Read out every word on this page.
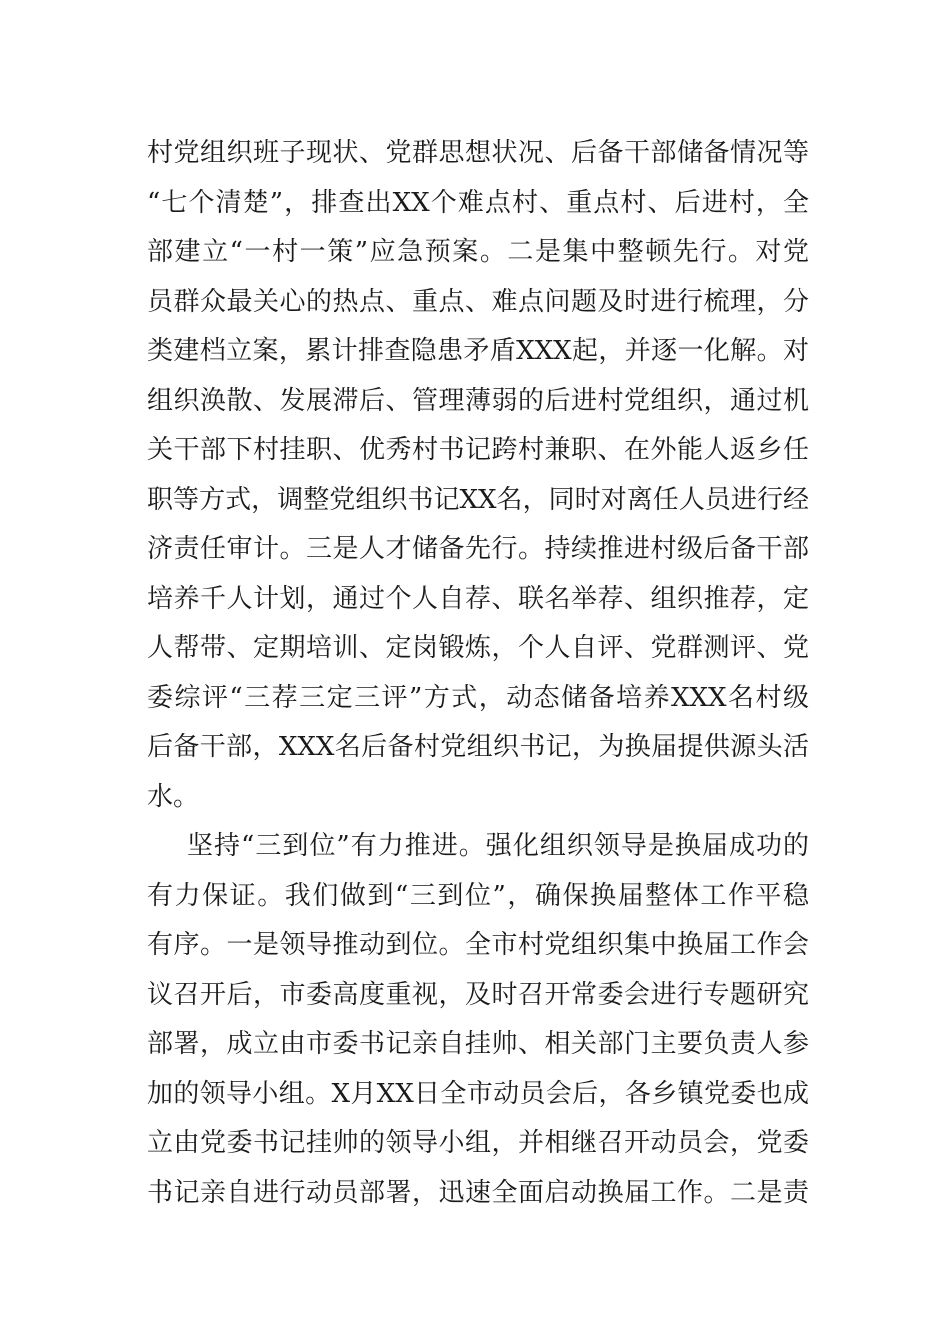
村党组织班子现状、党群思想状况、后备干部储备情况等
“七个清楚”，排查出XX个难点村、重点村、后进村，全
部建立“一村一策”应急预案。二是集中整顿先行。对党
员群众最关心的热点、重点、难点问题及时进行梳理，分
类建档立案，累计排查隐患矛盾XXX起，并逐一化解。对
组织涣散、发展滞后、管理薄弱的后进村党组织，通过机
关干部下村挂职、优秀村书记跨村兼职、在外能人返乡任
职等方式，调整党组织书记XX名，同时对离任人员进行经
济责任审计。三是人才储备先行。持续推进村级后备干部
培养千人计划，通过个人自荐、联名举荐、组织推荐，定
人帮带、定期培训、定岗锻炼，个人自评、党群测评、党
委综评“三荐三定三评”方式，动态储备培养XXX名村级
后备干部，XXX名后备村党组织书记，为换届提供源头活
水。
坚持“三到位”有力推进。强化组织领导是换届成功的
有力保证。我们做到“三到位”，确保换届整体工作平稳
有序。一是领导推动到位。全市村党组织集中换届工作会
议召开后，市委高度重视，及时召开常委会进行专题研究
部署，成立由市委书记亲自挂帅、相关部门主要负责人参
加的领导小组。X月XX日全市动员会后，各乡镇党委也成
立由党委书记挂帅的领导小组，并相继召开动员会，党委
书记亲自进行动员部署，迅速全面启动换届工作。二是责
